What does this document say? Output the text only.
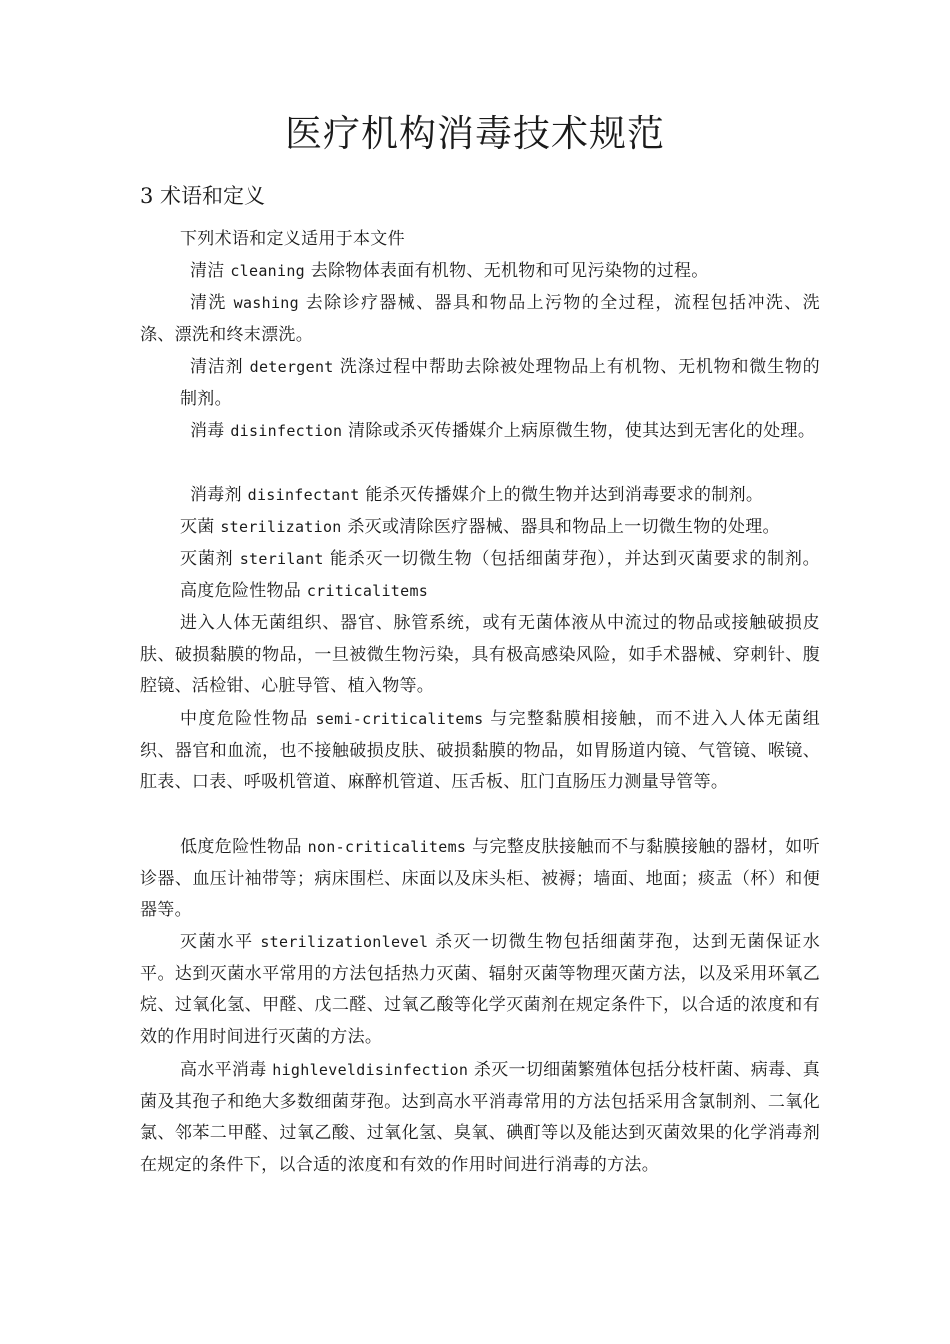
医疗机构消毒技术规范
3 术语和定义

下列术语和定义适用于本文件

清洁 cleaning 去除物体表面有机物、无机物和可见污染物的过程。

清洗 washing 去除诊疗器械、器具和物品上污物的全过程，流程包括冲洗、洗涤、漂洗和终末漂洗。

清洁剂 detergent 洗涤过程中帮助去除被处理物品上有机物、无机物和微生物的制剂。

消毒 disinfection 清除或杀灭传播媒介上病原微生物，使其达到无害化的处理。

消毒剂 disinfectant 能杀灭传播媒介上的微生物并达到消毒要求的制剂。

灭菌 sterilization 杀灭或清除医疗器械、器具和物品上一切微生物的处理。

灭菌剂 sterilant 能杀灭一切微生物（包括细菌芽孢），并达到灭菌要求的制剂。高度危险性物品 criticalitems

进入人体无菌组织、器官、脉管系统，或有无菌体液从中流过的物品或接触破损皮肤、破损黏膜的物品，一旦被微生物污染，具有极高感染风险，如手术器械、穿刺针、腹腔镜、活检钳、心脏导管、植入物等。

中度危险性物品 semi-criticalitems 与完整黏膜相接触，而不进入人体无菌组织、器官和血流，也不接触破损皮肤、破损黏膜的物品，如胃肠道内镜、气管镜、喉镜、肛表、口表、呼吸机管道、麻醉机管道、压舌板、肛门直肠压力测量导管等。

低度危险性物品 non-criticalitems 与完整皮肤接触而不与黏膜接触的器材，如听诊器、血压计袖带等；病床围栏、床面以及床头柜、被褥；墙面、地面；痰盂（杯）和便器等。

灭菌水平 sterilizationlevel 杀灭一切微生物包括细菌芽孢，达到无菌保证水平。达到灭菌水平常用的方法包括热力灭菌、辐射灭菌等物理灭菌方法，以及采用环氧乙烷、过氧化氢、甲醛、戊二醛、过氧乙酸等化学灭菌剂在规定条件下，以合适的浓度和有效的作用时间进行灭菌的方法。

高水平消毒 highleveldisinfection 杀灭一切细菌繁殖体包括分枝杆菌、病毒、真菌及其孢子和绝大多数细菌芽孢。达到高水平消毒常用的方法包括采用含氯制剂、二氧化氯、邻苯二甲醛、过氧乙酸、过氧化氢、臭氧、碘酊等以及能达到灭菌效果的化学消毒剂在规定的条件下，以合适的浓度和有效的作用时间进行消毒的方法。
